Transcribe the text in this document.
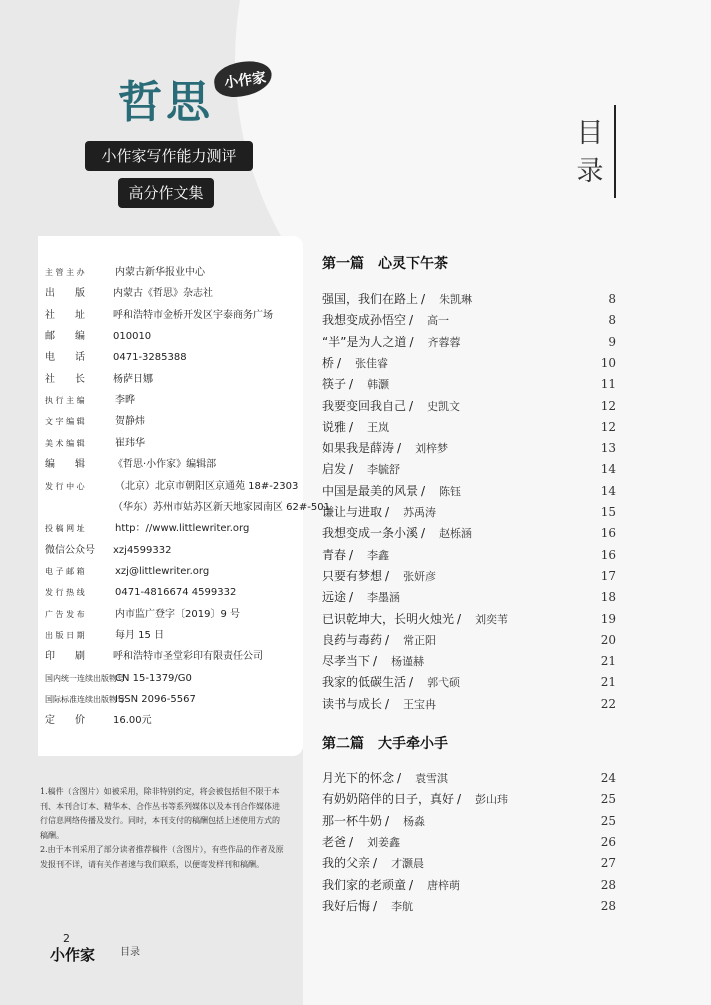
哲思 小作家
小作家写作能力测评
高分作文集
目
录
主 管 主 办	内蒙古新华报业中心
出　　版	内蒙古《哲思》杂志社
社　　址	呼和浩特市金桥开发区宇泰商务广场
邮　　编	010010
电　　话	0471-3285388
社　　长	杨萨日娜
执 行 主 编	李晔
文 字 编 辑	贺静炜
美 术 编 辑	崔玮华
编　　辑	《哲思·小作家》编辑部
发 行 中 心	（北京）北京市朝阳区京通苑 18#-2303
（华东）苏州市姑苏区新天地家园南区 62#-501
投 稿 网 址	http：//www.littlewriter.org
微信公众号 xzj4599332
电 子 邮 箱	xzj@littlewriter.org
发 行 热 线	0471-4816674 4599332
广 告 发 布	内市监广登字〔2019〕9 号
出 版 日 期	每月 15 日
印　　刷	呼和浩特市圣堂彩印有限责任公司
国内统一连续出版物号CN 15-1379/G0
国际标准连续出版物号ISSN 2096-5567
定　　价	16.00元

1.稿件（含图片）如被采用，除非特别约定，将会被包括但不限于本刊、本刊合订本、精华本、合作丛书等系列媒体以及本刊合作媒体进行信息网络传播及发行。同时，本刊支付的稿酬包括上述使用方式的稿酬。

2.由于本刊采用了部分读者推荐稿件（含图片），有些作品的作者及原发报刊不详，请有关作者速与我们联系，以便寄发样刊和稿酬。

2
小作家 目录
第一篇　心灵下午茶
强国，我们在路上 / 朱凯琳	8
我想变成孙悟空 / 高一	8
“半”是为人之道 / 齐蓉蓉	9
桥 / 张佳睿	10
筷子 / 韩灏	11
我要变回我自己 / 史凯文	12
说雅 / 王岚	12
如果我是薛涛 / 刘梓梦	13
启发 / 李毓舒	14
中国是最美的风景 / 陈钰	14
谦让与进取 / 苏禹涛	15
我想变成一条小溪 / 赵栎涵	16
青春 / 李鑫	16
只要有梦想 / 张妍彦	17
远途 / 李墨涵	18
已识乾坤大，长明火烛光 / 刘奕苇	19
良药与毒药 / 常正阳	20
尽孝当下 / 杨谨赫	21
我家的低碳生活 / 郭弋硕	21
读书与成长 / 王宝冉	22
第二篇　大手牵小手
月光下的怀念 / 袁雪淇	24
有奶奶陪伴的日子，真好 / 彭山玮	25
那一杯牛奶 / 杨淼	25
老爸 / 刘姜鑫	26
我的父亲 / 才灏晨	27
我们家的老顽童 / 唐梓萌	28
我好后悔 / 李航	28
